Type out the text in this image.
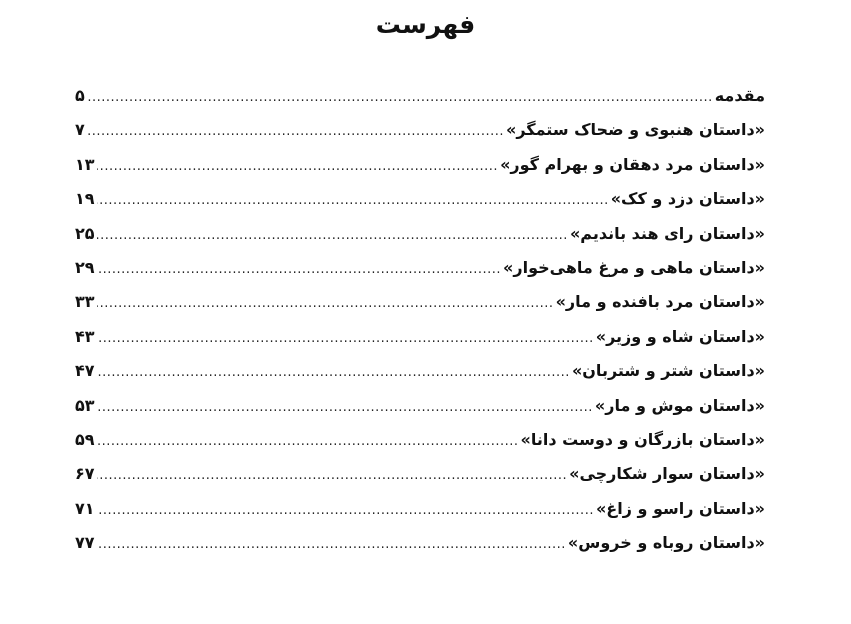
فهرست
مقدمه
.....
۵
«داستان هنبوی و ضحاک ستمگر»
.....
۷
«داستان مرد دهقان و بهرام گور»
.....
۱۳
«داستان دزد و کک»
.....
۱۹
«داستان رای هند باندیم»
.....
۲۵
«داستان ماهی و مرغ ماهی‌خوار»
.....
۲۹
«داستان مرد بافنده و مار»
.....
۳۳
«داستان شاه و وزیر»
.....
۴۳
«داستان شتر و شتربان»
.....
۴۷
«داستان موش و مار»
.....
۵۳
«داستان بازرگان و دوست دانا»
.....
۵۹
«داستان سوار شکارچی»
.....
۶۷
«داستان راسو و زاغ»
.....
۷۱
«داستان روباه و خروس»
.....
۷۷
